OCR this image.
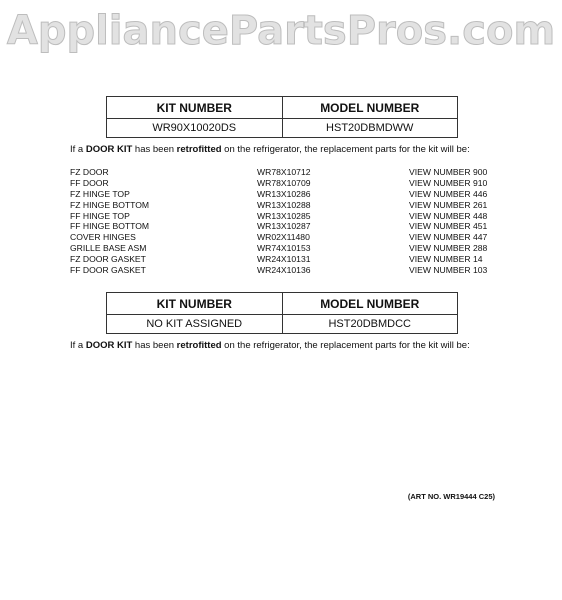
AppliancePartsPros.com
KIT NUMBER	MODEL NUMBER
WR90X10020DS	HST20DBMDWW
If a DOOR KIT has been retrofitted on the refrigerator, the replacement parts for the kit will be:
FZ DOOR	WR78X10712	VIEW NUMBER 900
FF DOOR	WR78X10709	VIEW NUMBER 910
FZ HINGE TOP	WR13X10286	VIEW NUMBER 446
FZ HINGE BOTTOM	WR13X10288	VIEW NUMBER 261
FF HINGE TOP	WR13X10285	VIEW NUMBER 448
FF HINGE BOTTOM	WR13X10287	VIEW NUMBER 451
COVER HINGES	WR02X11480	VIEW NUMBER 447
GRILLE BASE ASM	WR74X10153	VIEW NUMBER 288
FZ DOOR GASKET	WR24X10131	VIEW NUMBER 14
FF DOOR GASKET	WR24X10136	VIEW NUMBER 103
KIT NUMBER	MODEL NUMBER
NO KIT ASSIGNED	HST20DBMDCC
If a DOOR KIT has been retrofitted on the refrigerator, the replacement parts for the kit will be:
(ART NO. WR19444 C25)
